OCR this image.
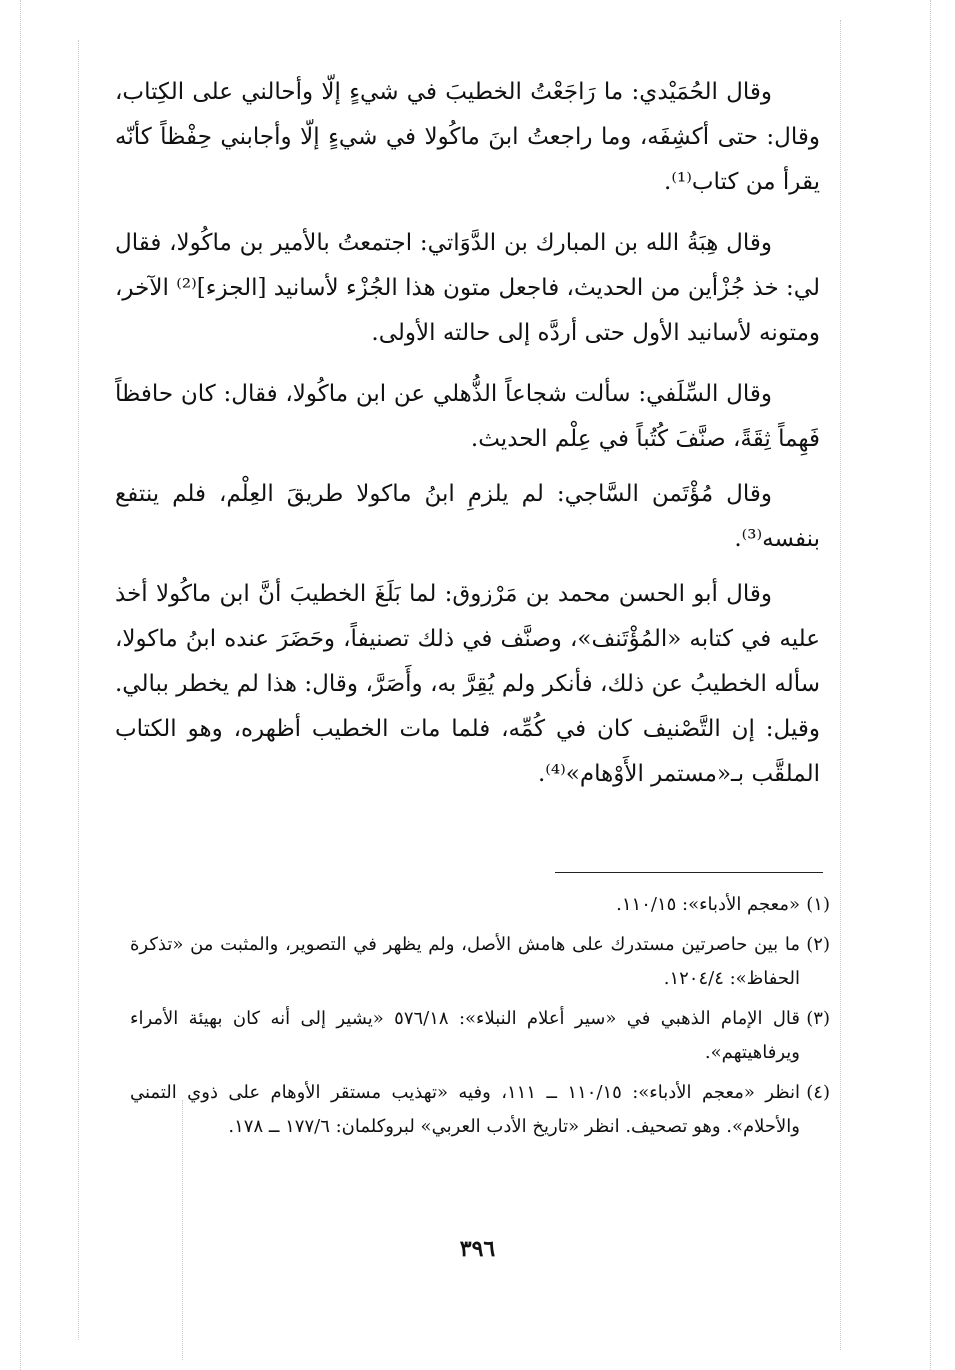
وقال الحُمَيْدي: ما رَاجَعْتُ الخطيبَ في شيءٍ إلّا وأحالني على الكِتاب، وقال: حتى أكشِفَه، وما راجعتُ ابنَ ماكُولا في شيءٍ إلّا وأجابني حِفْظاً كأنّه يقرأ من كتاب⁽¹⁾.

وقال هِبَةُ الله بن المبارك بن الدَّوَاتي: اجتمعتُ بالأمير بن ماكُولا، فقال لي: خذ جُزْأين من الحديث، فاجعل متون هذا الجُزْء لأسانيد [الجزء]⁽²⁾ الآخر، ومتونه لأسانيد الأول حتى أردَّه إلى حالته الأولى.

وقال السِّلَفي: سألت شجاعاً الذُّهلي عن ابن ماكُولا، فقال: كان حافظاً فَهِماً ثِقَةً، صنَّفَ كُتُباً في عِلْم الحديث.

وقال مُؤْتَمن السَّاجي: لم يلزمِ ابنُ ماكولا طريقَ العِلْم، فلم ينتفع بنفسه⁽³⁾.

وقال أبو الحسن محمد بن مَرْزوق: لما بَلَغَ الخطيبَ أنَّ ابن ماكُولا أخذ عليه في كتابه «المُؤْتَنف»، وصنَّف في ذلك تصنيفاً، وحَضَرَ عنده ابنُ ماكولا، سأله الخطيبُ عن ذلك، فأنكر ولم يُقِرَّ به، وأَصَرَّ، وقال: هذا لم يخطر ببالي. وقيل: إن التَّصْنيف كان في كُمِّه، فلما مات الخطيب أظهره، وهو الكتاب الملقَّب بـ«مستمر الأَوْهام»⁽⁴⁾.

(١)«معجم الأدباء»: ١١٠/١٥.

(٢)ما بين حاصرتين مستدرك على هامش الأصل، ولم يظهر في التصوير، والمثبت من «تذكرة الحفاظ»: ١٢٠٤/٤.

(٣)قال الإمام الذهبي في «سير أعلام النبلاء»: ٥٧٦/١٨ «يشير إلى أنه كان بهيئة الأمراء ويرفاهيتهم».

(٤)انظر «معجم الأدباء»: ١١٠/١٥ ــ ١١١، وفيه «تهذيب مستقر الأوهام على ذوي التمني والأحلام». وهو تصحيف. انظر «تاريخ الأدب العربي» لبروكلمان: ١٧٧/٦ ــ ١٧٨.

٣٩٦
